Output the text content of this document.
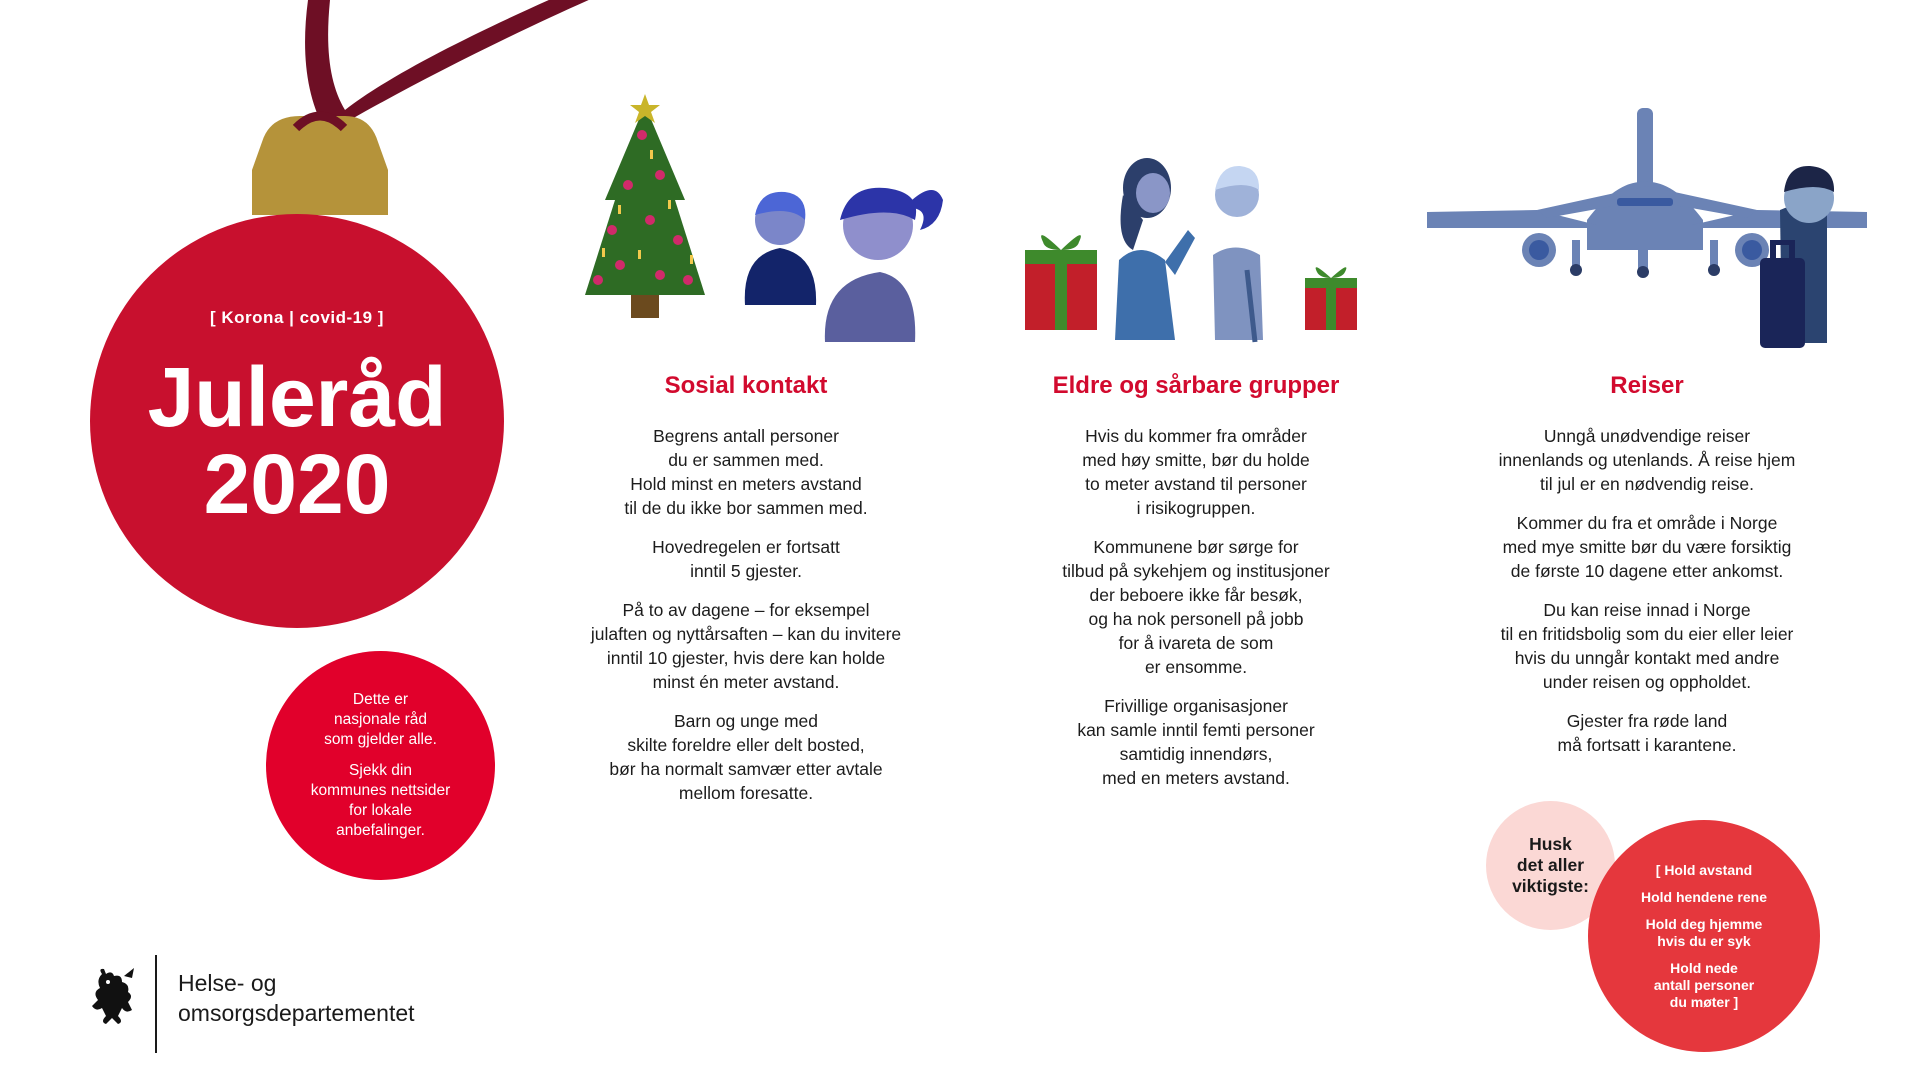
[ Korona | covid-19 ]
Juleråd
2020

Dette er
nasjonale råd
som gjelder alle.

Sjekk din
kommunes nettsider
for lokale
anbefalinger.

Sosial kontakt

Begrens antall personer
du er sammen med.
Hold minst en meters avstand
til de du ikke bor sammen med.

Hovedregelen er fortsatt
inntil 5 gjester.

På to av dagene – for eksempel
julaften og nyttårsaften – kan du invitere
inntil 10 gjester, hvis dere kan holde
minst én meter avstand.

Barn og unge med
skilte foreldre eller delt bosted,
bør ha normalt samvær etter avtale
mellom foresatte.

Eldre og sårbare grupper

Hvis du kommer fra områder
med høy smitte, bør du holde
to meter avstand til personer
i risikogruppen.

Kommunene bør sørge for
tilbud på sykehjem og institusjoner
der beboere ikke får besøk,
og ha nok personell på jobb
for å ivareta de som
er ensomme.

Frivillige organisasjoner
kan samle inntil femti personer
samtidig innendørs,
med en meters avstand.

Reiser

Unngå unødvendige reiser
innenlands og utenlands. Å reise hjem
til jul er en nødvendig reise.

Kommer du fra et område i Norge
med mye smitte bør du være forsiktig
de første 10 dagene etter ankomst.

Du kan reise innad i Norge
til en fritidsbolig som du eier eller leier
hvis du unngår kontakt med andre
under reisen og oppholdet.

Gjester fra røde land
må fortsatt i karantene.

[ Hold avstand
Hold hendene rene
Hold deg hjemme
hvis du er syk
Hold nede
antall personer
du møter ]
Husk
det aller
viktigste:
Helse- og
omsorgsdepartementet
